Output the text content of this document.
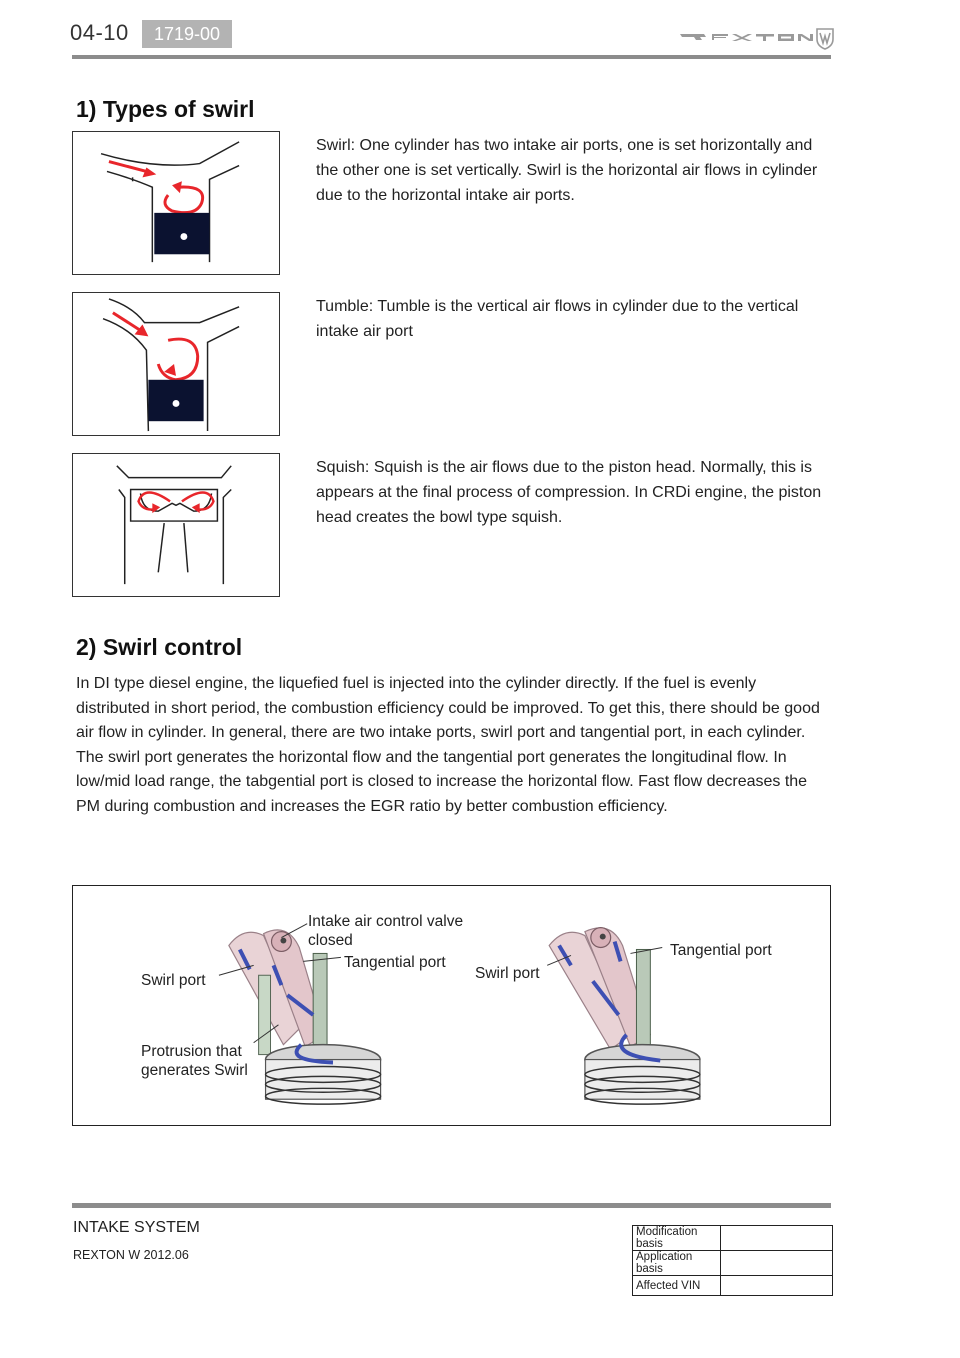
04-10	1719-00
1) Types of swirl
Swirl: One cylinder has two intake air ports, one is set horizontally and the other one is set vertically. Swirl is the horizontal air flows in cylinder due to the horizontal intake air ports.
Tumble: Tumble is the vertical air flows in cylinder due to the vertical intake air port
Squish: Squish is the air flows due to the piston head. Normally, this is appears at the final process of compression. In CRDi engine, the piston head creates the bowl type squish.
2) Swirl control
In DI type diesel engine, the liquefied fuel is injected into the cylinder directly. If the fuel is evenly distributed in short period, the combustion efficiency could be improved. To get this, there should be good air flow in cylinder. In general, there are two intake ports, swirl port and tangential port, in each cylinder. The swirl port generates the horizontal flow and the tangential port generates the longitudinal flow. In low/mid load range, the tabgential port is closed to increase the horizontal flow. Fast flow decreases the PM during combustion and increases the EGR ratio by better combustion efficiency.
Intake air control valve
closed
Tangential port
Swirl port
Protrusion that
generates Swirl
Swirl port
Tangential port
INTAKE SYSTEM
REXTON W 2012.06
Modification basis	
Application basis	
Affected VIN	
